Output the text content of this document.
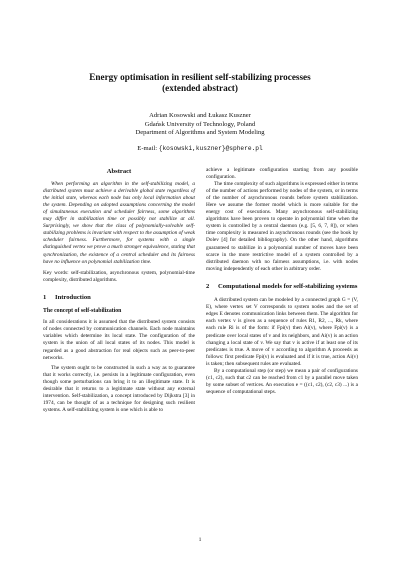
Energy optimisation in resilient self-stabilizing processes
(extended abstract)
Adrian Kosowski and Łukasz Kuszner
Gdańsk University of Technology, Poland
Department of Algorithms and System Modeling
E-mail: {kosowski,kuszner}@sphere.pl
Abstract

When performing an algorithm in the self-stabilizing model, a distributed system must achieve a derivable global state regardless of the initial state, whereas each node has only local information about the system. Depending on adopted assumptions concerning the model of simultaneous execution and scheduler fairness, some algorithms may differ in stabilization time or possibly not stabilize at all. Surprisingly, we show that the class of polynomially-solvable self-stabilizing problems is invariant with respect to the assumption of weak scheduler fairness. Furthermore, for systems with a single distinguished vertex we prove a much stronger equivalence, stating that synchronization, the existence of a central scheduler and its fairness have no influence on polynomial stabilization time.

Key words: self-stabilization, asynchronous system, polynomial-time complexity, distributed algorithms.

1	Introduction
The concept of self-stabilization

In all considerations it is assumed that the distributed system consists of nodes connected by communication channels. Each node maintains variables which determine its local state. The configuration of the system is the union of all local states of its nodes. This model is regarded as a good abstraction for real objects such as peer-to-peer networks.

The system ought to be constructed in such a way as to guarantee that it works correctly, i.e. persists in a legitimate configuration, even though some perturbations can bring it to an illegitimate state. It is desirable that it returns to a legitimate state without any external intervention. Self-stabilization, a concept introduced by Dijkstra [3] in 1974, can be thought of as a technique for designing such resilient systems. A self-stabilizing system is one which is able to

achieve a legitimate configuration starting from any possible configuration.

The time complexity of such algorithms is expressed either in terms of the number of actions performed by nodes of the system, or in terms of the number of asynchronous rounds before system stabilization. Here we assume the former model which is more suitable for the energy cost of executions. Many asynchronous self-stabilizing algorithms have been proven to operate in polynomial time when the system is controlled by a central daemon (e.g. [5, 6, 7, 8]), or when time complexity is measured in asynchronous rounds (see the book by Dolev [4] for detailed bibliography). On the other hand, algorithms guaranteed to stabilize in a polynomial number of moves have been scarce in the more restrictive model of a system controlled by a distributed daemon with no fairness assumptions, i.e. with nodes moving independently of each other in arbitrary order.

2	Computational models for self-stabilizing systems

A distributed system can be modeled by a connected graph G = (V, E), where vertex set V corresponds to system nodes and the set of edges E denotes communication links between them. The algorithm for each vertex v is given as a sequence of rules R1, R2, ..., Rk, where each rule Ri is of the form: if Fpi(v) then Ai(v), where Fpi(v) is a predicate over local states of v and its neighbors, and Ai(v) is an action changing a local state of v. We say that v is active if at least one of its predicates is true. A move of v according to algorithm A proceeds as follows: first predicate Fpi(v) is evaluated and if it is true, action Ai(v) is taken; then subsequent rules are evaluated.

By a computational step (or step) we mean a pair of configurations (c1, c2), such that c2 can be reached from c1 by a parallel move taken by some subset of vertices. An execution e = ((c1, c2), (c2, c3) ...) is a sequence of computational steps.

1
